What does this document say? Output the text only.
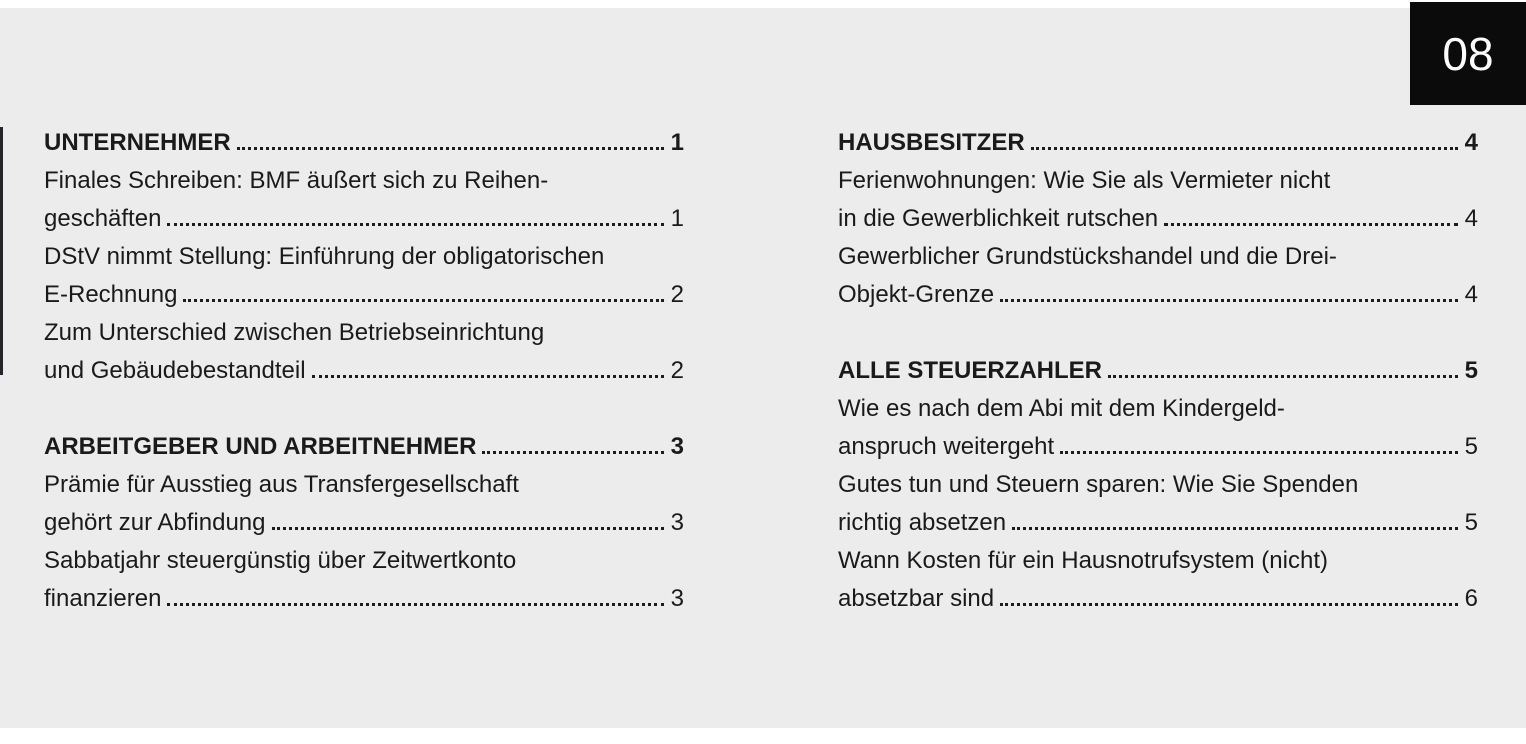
08
UNTERNEHMER	1
Finales Schreiben: BMF äußert sich zu Reihen-
geschäften	1
DStV nimmt Stellung: Einführung der obligatorischen
E-Rechnung	2
Zum Unterschied zwischen Betriebseinrichtung
und Gebäudebestandteil	2
ARBEITGEBER UND ARBEITNEHMER	3
Prämie für Ausstieg aus Transfergesellschaft
gehört zur Abfindung	3
Sabbatjahr steuergünstig über Zeitwertkonto
finanzieren	3
HAUSBESITZER	4
Ferienwohnungen: Wie Sie als Vermieter nicht
in die Gewerblichkeit rutschen	4
Gewerblicher Grundstückshandel und die Drei-
Objekt-Grenze	4
ALLE STEUERZAHLER	5
Wie es nach dem Abi mit dem Kindergeld-
anspruch weitergeht	5
Gutes tun und Steuern sparen: Wie Sie Spenden
richtig absetzen	5
Wann Kosten für ein Hausnotrufsystem (nicht)
absetzbar sind	6
